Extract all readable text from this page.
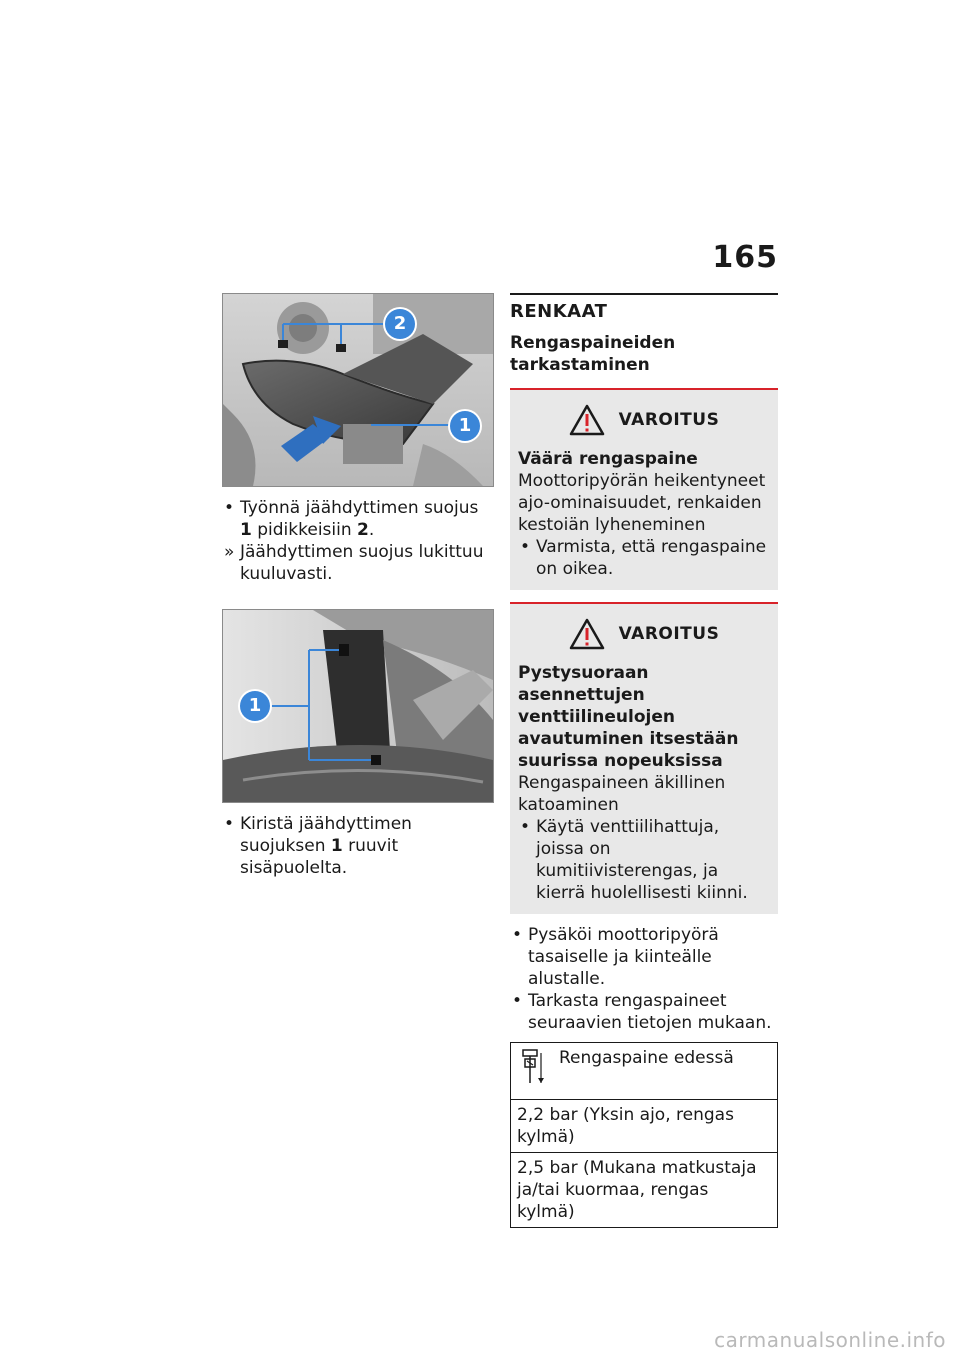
165
2
1

• Työnnä jäähdyttimen suojus 1 pidikkeisiin 2.

» Jäähdyttimen suojus lukittuu kuuluvasti.

1

• Kiristä jäähdyttimen suojuksen 1 ruuvit sisäpuolelta.

RENKAAT
Rengaspaineiden tarkastaminen
VAROITUS
Väärä rengaspaine
Moottoripyörän heikentyneet ajo-ominaisuudet, renkaiden kestoiän lyheneminen

• Varmista, että rengaspaine on oikea.

VAROITUS
Pystysuoraan asennettujen venttiilineulojen avautuminen itsestään suurissa nopeuksissa
Rengaspaineen äkillinen katoaminen

• Käytä venttiilihattuja, joissa on kumitiivisterengas, ja kierrä huolellisesti kiinni.

• Pysäköi moottoripyörä tasaiselle ja kiinteälle alustalle.

• Tarkasta rengaspaineet seuraavien tietojen mukaan.

Rengaspaine edessä
2,2 bar (Yksin ajo, rengas kylmä)
2,5 bar (Mukana matkustaja ja/tai kuormaa, rengas kylmä)
carmanualsonline.info
